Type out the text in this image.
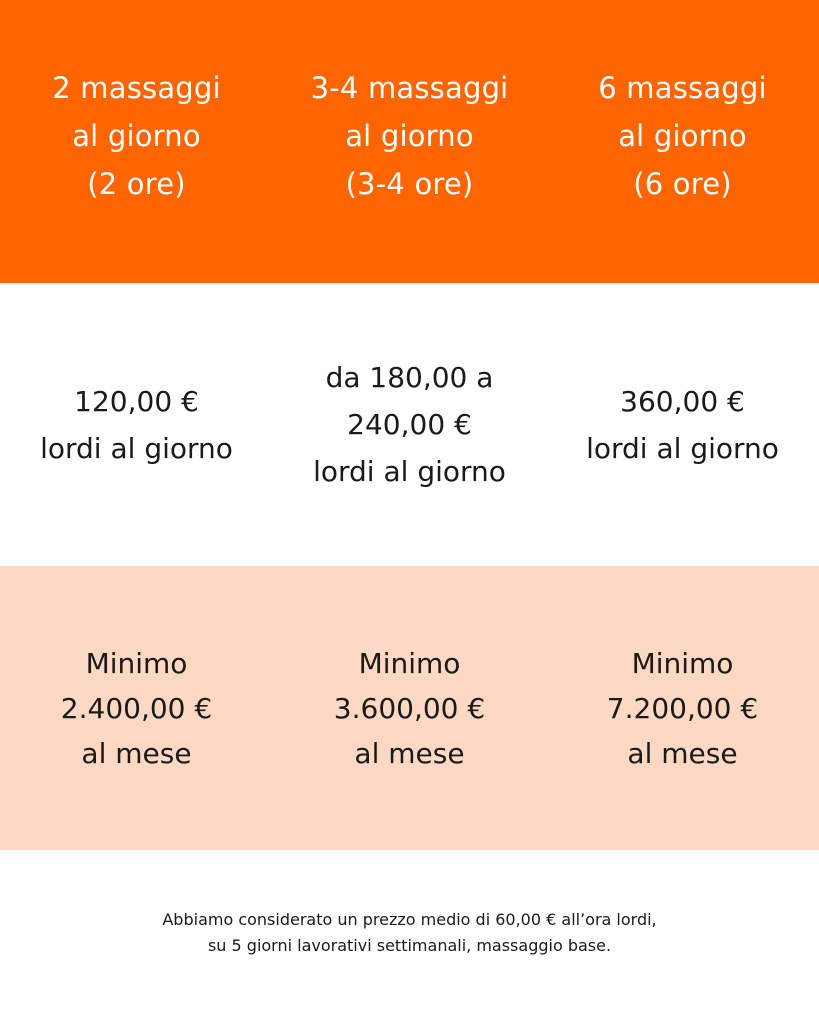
2 massaggi
al giorno
(2 ore)
3-4 massaggi
al giorno
(3-4 ore)
6 massaggi
al giorno
(6 ore)
120,00 €
lordi al giorno
da 180,00 a
240,00 €
lordi al giorno
360,00 €
lordi al giorno
Minimo
2.400,00 €
al mese
Minimo
3.600,00 €
al mese
Minimo
7.200,00 €
al mese
Abbiamo considerato un prezzo medio di 60,00 € all’ora lordi,
su 5 giorni lavorativi settimanali, massaggio base.
